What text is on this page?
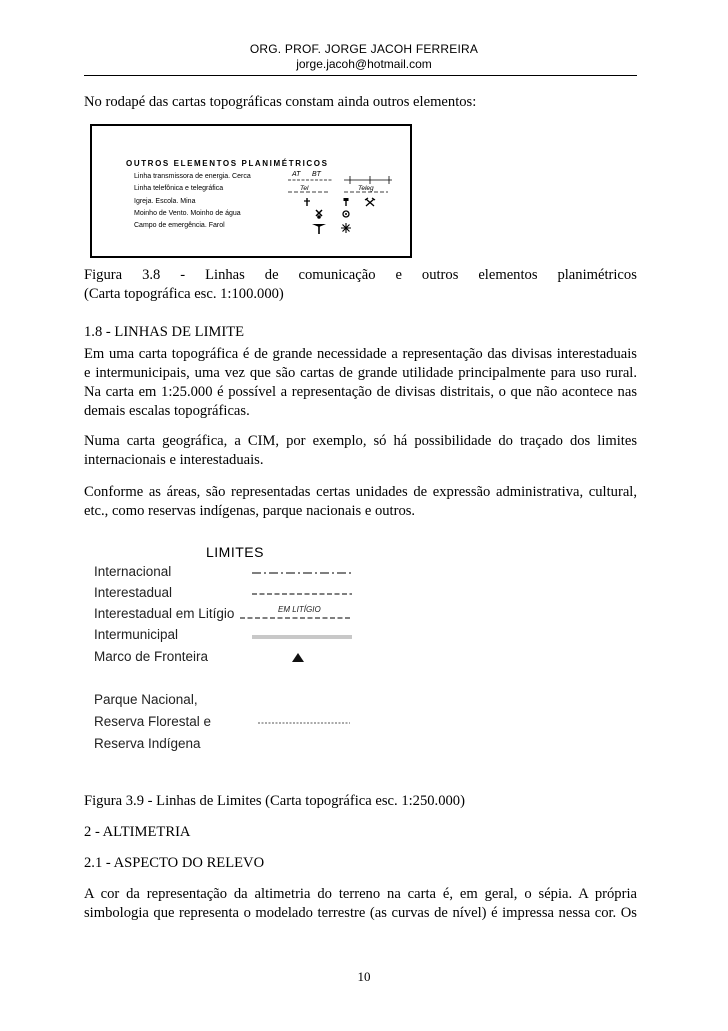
ORG. PROF. JORGE JACOH FERREIRA
jorge.jacoh@hotmail.com
No rodapé das cartas topográficas constam ainda outros elementos:
AT BT
Tel	Teleg
OUTROS ELEMENTOS PLANIMÉTRICOS
Linha transmissora de energia. Cerca
Linha telefônica e telegráfica
Igreja. Escola. Mina
Moinho de Vento. Moinho de água
Campo de emergência. Farol
Figura 3.8 - Linhas de comunicação e outros elementos planimétricos
(Carta topográfica esc. 1:100.000)
1.8 - LINHAS DE LIMITE
Em uma carta topográfica é de grande necessidade a representação das divisas interestaduais
e intermunicipais, uma vez que são cartas de grande utilidade principalmente para uso rural.
Na carta em 1:25.000 é possível a representação de divisas distritais, o que não acontece nas
demais escalas topográficas.
Numa carta geográfica, a CIM, por exemplo, só há possibilidade do traçado dos limites
internacionais e interestaduais.
Conforme as áreas, são representadas certas unidades de expressão administrativa, cultural,
etc., como reservas indígenas, parque nacionais e outros.
LIMITES
Internacional
Interestadual
Interestadual em Litígio
Intermunicipal
Marco de Fronteira
Parque Nacional,
Reserva Florestal e
Reserva Indígena
EM LITÍGIO
Figura 3.9 - Linhas de Limites (Carta topográfica esc. 1:250.000)
2 - ALTIMETRIA
2.1 - ASPECTO DO RELEVO
A cor da representação da altimetria do terreno na carta é, em geral, o sépia. A própria
simbologia que representa o modelado terrestre (as curvas de nível) é impressa nessa cor. Os
10
